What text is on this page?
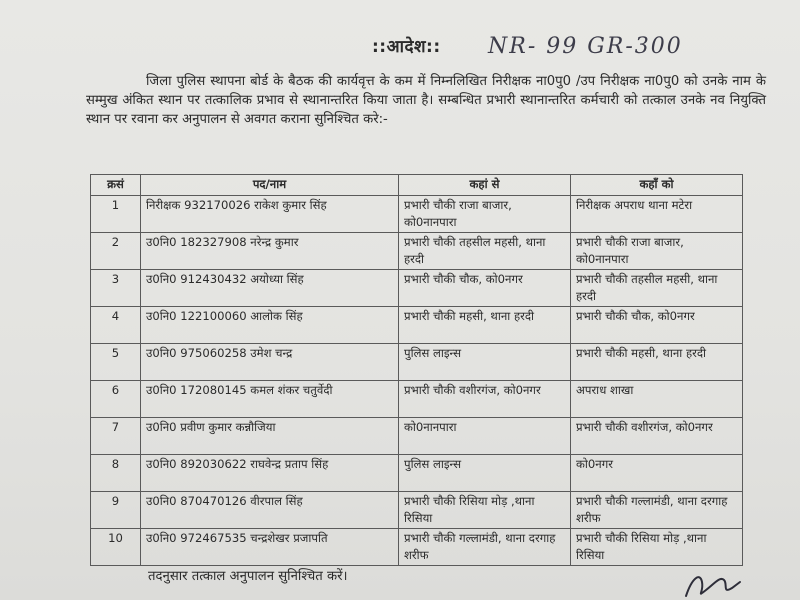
::आदेश:: NR- 99 GR-300
जिला पुलिस स्थापना बोर्ड के बैठक की कार्यवृत्त के कम में निम्नलिखित निरीक्षक ना0पु0 /उप निरीक्षक ना0पु0 को उनके नाम के सम्मुख अंकित स्थान पर तत्कालिक प्रभाव से स्थानान्तरित किया जाता है। सम्बन्धित प्रभारी स्थानान्तरित कर्मचारी को तत्काल उनके नव नियुक्ति स्थान पर रवाना कर अनुपालन से अवगत कराना सुनिश्चित करे:-
क्रसं	पद/नाम	कहां से	कहाँ को
1	निरीक्षक 932170026 राकेश कुमार सिंह	प्रभारी चौकी राजा बाजार, को0नानपारा	निरीक्षक अपराध थाना मटेरा
2	उ0नि0 182327908 नरेन्द्र कुमार	प्रभारी चौकी तहसील महसी, थाना हरदी	प्रभारी चौकी राजा बाजार, को0नानपारा
3	उ0नि0 912430432 अयोध्या सिंह	प्रभारी चौकी चौक, को0नगर	प्रभारी चौकी तहसील महसी, थाना हरदी
4	उ0नि0 122100060 आलोक सिंह	प्रभारी चौकी महसी, थाना हरदी	प्रभारी चौकी चौक, को0नगर
5	उ0नि0 975060258 उमेश चन्द्र	पुलिस लाइन्स	प्रभारी चौकी महसी, थाना हरदी
6	उ0नि0 172080145 कमल शंकर चतुर्वेदी	प्रभारी चौकी वशीरगंज, को0नगर	अपराध शाखा
7	उ0नि0 प्रवीण कुमार कन्नौजिया	को0नानपारा	प्रभारी चौकी वशीरगंज, को0नगर
8	उ0नि0 892030622 राघवेन्द्र प्रताप सिंह	पुलिस लाइन्स	को0नगर
9	उ0नि0 870470126 वीरपाल सिंह	प्रभारी चौकी रिसिया मोड़ ,थाना रिसिया	प्रभारी चौकी गल्लामंडी, थाना दरगाह शरीफ
10	उ0नि0 972467535 चन्द्रशेखर प्रजापति	प्रभारी चौकी गल्लामंडी, थाना दरगाह शरीफ	प्रभारी चौकी रिसिया मोड़ ,थाना रिसिया
तदनुसार तत्काल अनुपालन सुनिश्चित करें।
